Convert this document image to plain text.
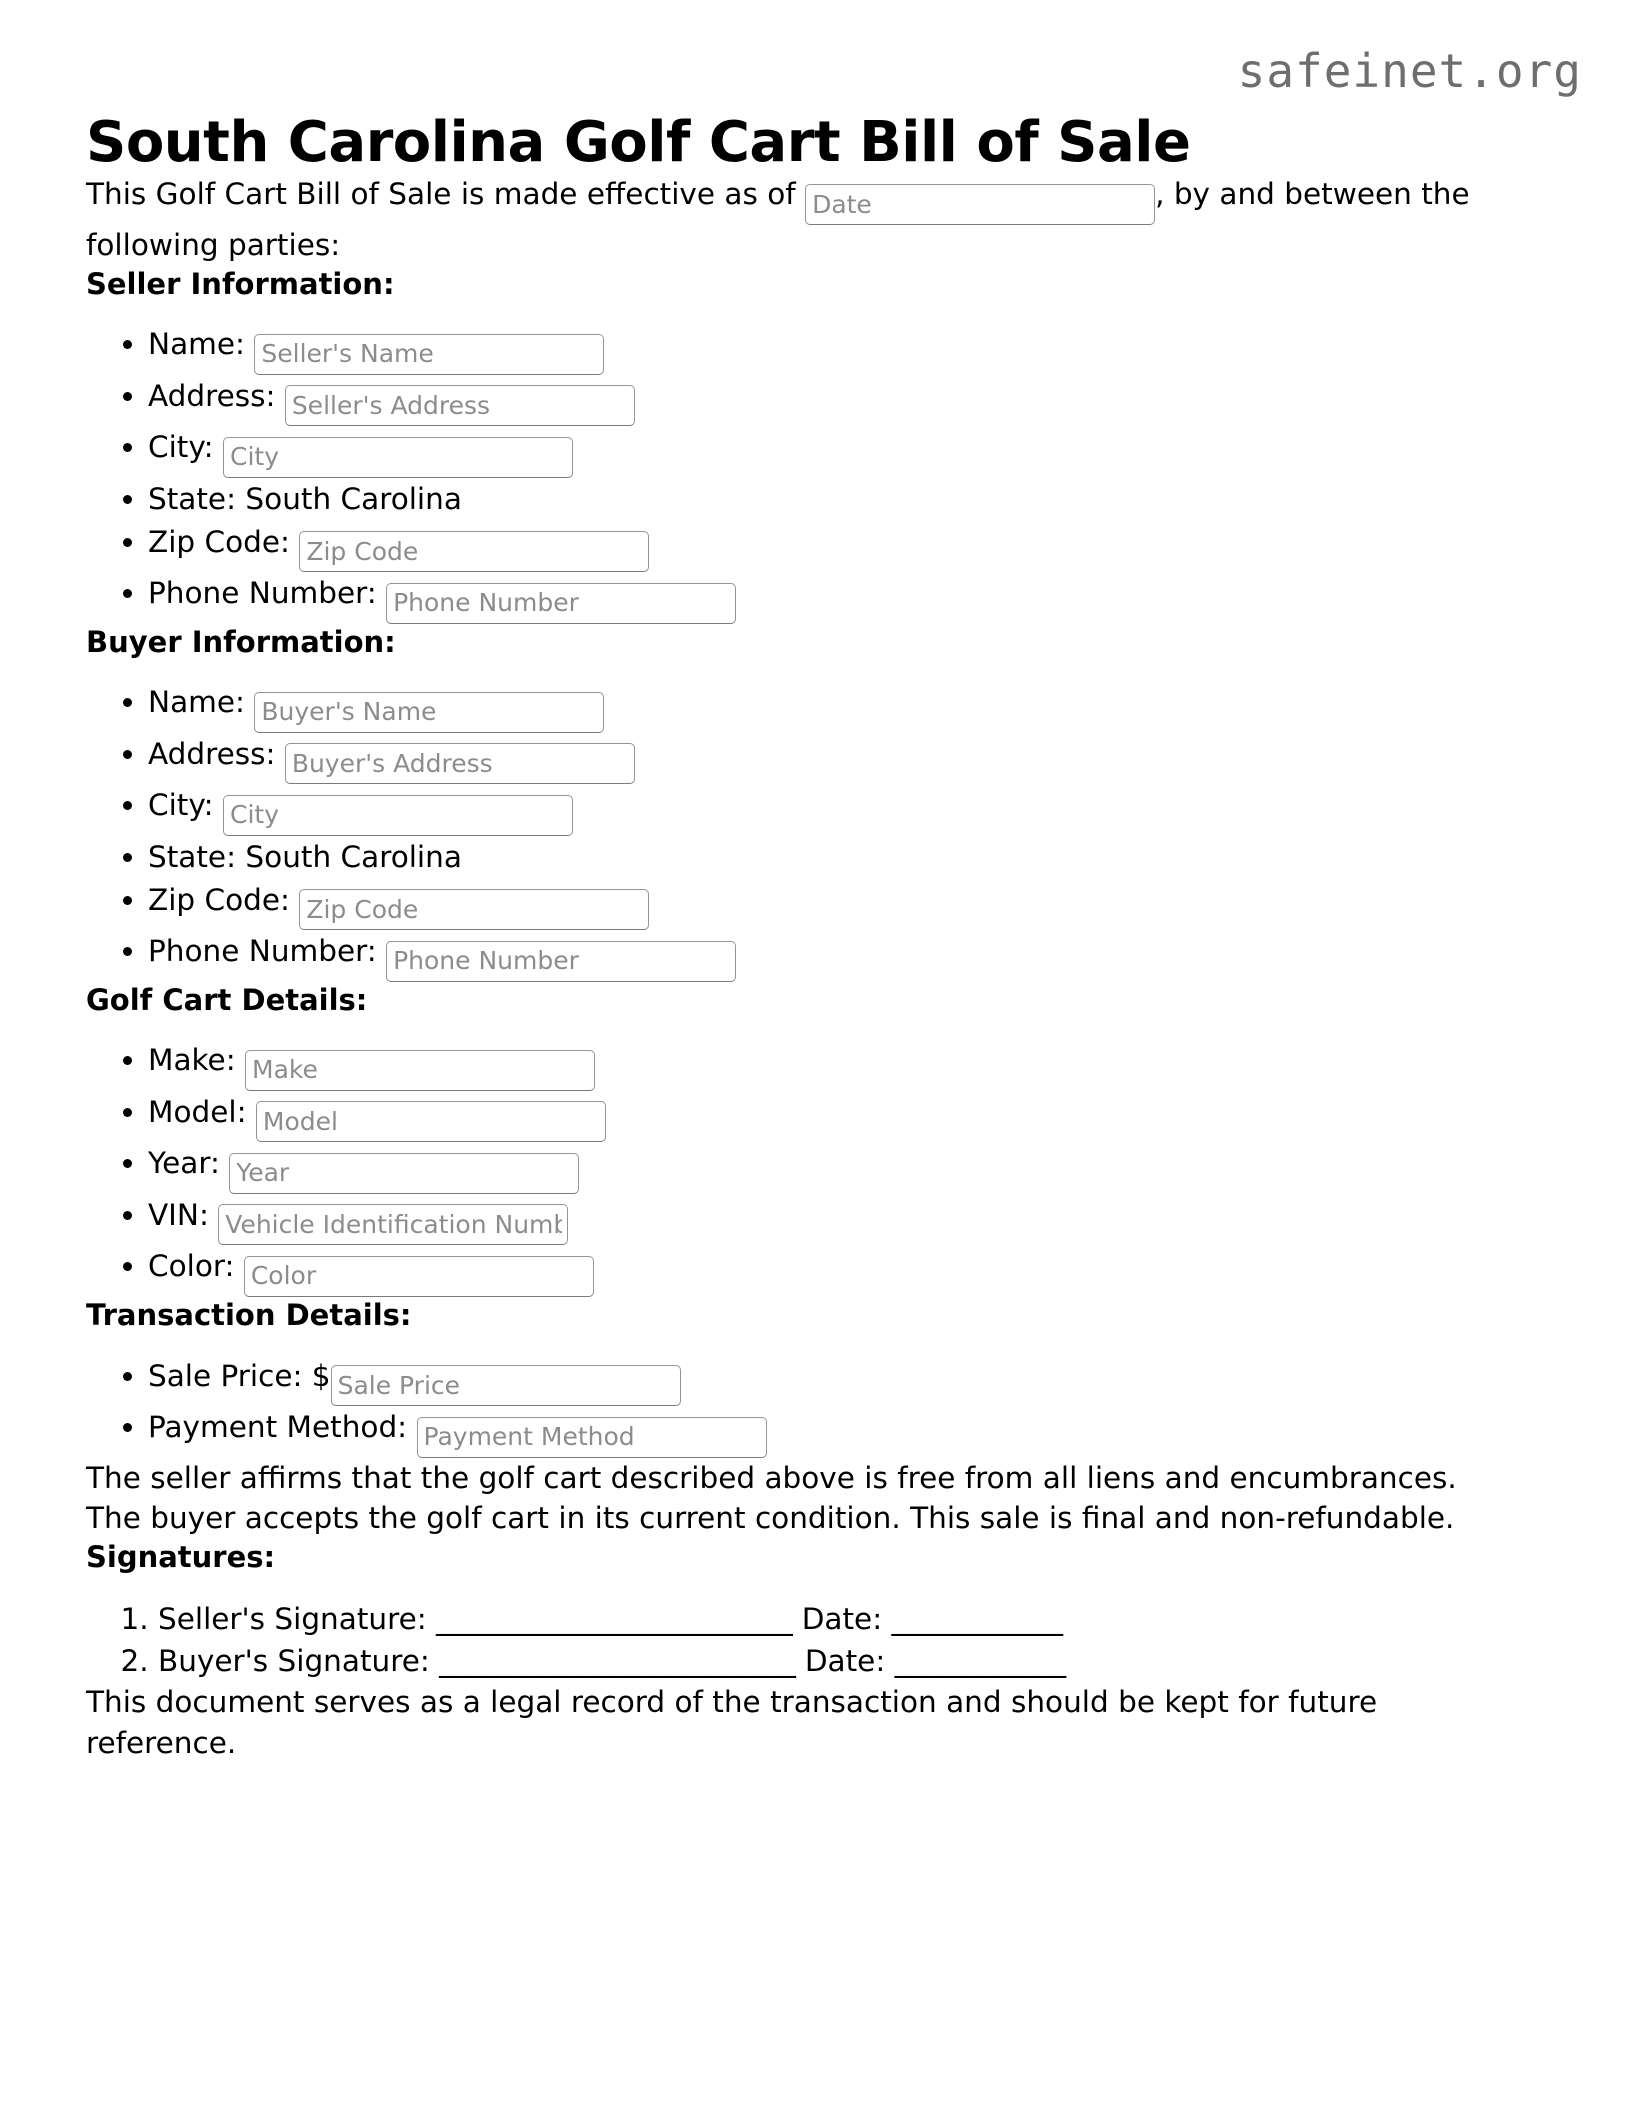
safeinet.org
South Carolina Golf Cart Bill of Sale

This Golf Cart Bill of Sale is made effective as of Date	, by and between the following parties:

Seller Information:
• Name: Seller's Name
• Address: Seller's Address
• City: City
• State: South Carolina
• Zip Code: Zip Code
• Phone Number: Phone Number
Buyer Information:
• Name: Buyer's Name
• Address: Buyer's Address
• City: City
• State: South Carolina
• Zip Code: Zip Code
• Phone Number: Phone Number
Golf Cart Details:
• Make: Make
• Model: Model
• Year: Year
• VIN: Vehicle Identification Number
• Color: Color
Transaction Details:
• Sale Price: $Sale Price
• Payment Method: Payment Method

The seller affirms that the golf cart described above is free from all liens and encumbrances. The buyer accepts the golf cart in its current condition. This sale is final and non-refundable.

Signatures:
1. Seller's Signature: _________________________ Date: ____________
2. Buyer's Signature: _________________________ Date: ____________

This document serves as a legal record of the transaction and should be kept for future reference.
